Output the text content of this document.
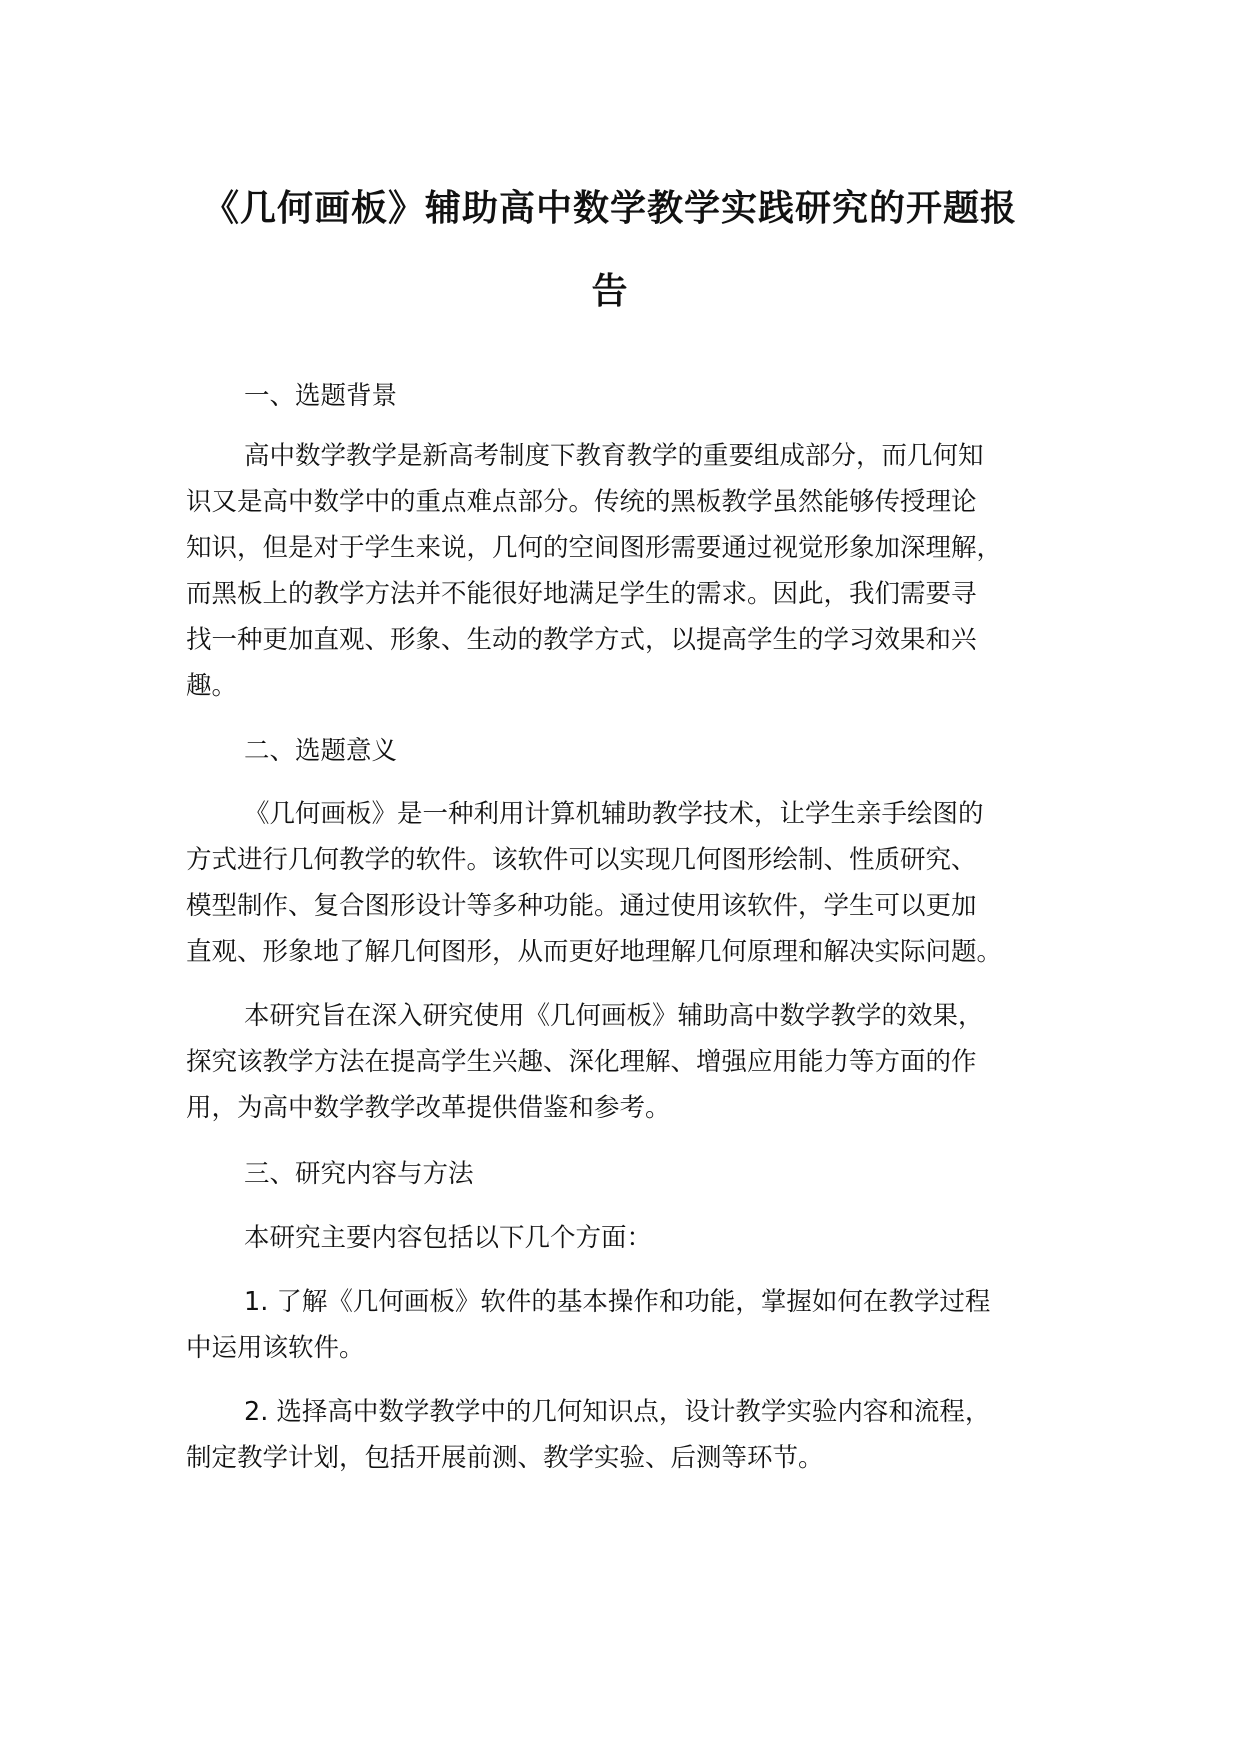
《几何画板》辅助高中数学教学实践研究的开题报
告

一、选题背景

高中数学教学是新高考制度下教育教学的重要组成部分，而几何知

识又是高中数学中的重点难点部分。传统的黑板教学虽然能够传授理论

知识，但是对于学生来说，几何的空间图形需要通过视觉形象加深理解，

而黑板上的教学方法并不能很好地满足学生的需求。因此，我们需要寻

找一种更加直观、形象、生动的教学方式，以提高学生的学习效果和兴

趣。

二、选题意义

《几何画板》是一种利用计算机辅助教学技术，让学生亲手绘图的

方式进行几何教学的软件。该软件可以实现几何图形绘制、性质研究、

模型制作、复合图形设计等多种功能。通过使用该软件，学生可以更加

直观、形象地了解几何图形，从而更好地理解几何原理和解决实际问题。

本研究旨在深入研究使用《几何画板》辅助高中数学教学的效果，

探究该教学方法在提高学生兴趣、深化理解、增强应用能力等方面的作

用，为高中数学教学改革提供借鉴和参考。

三、研究内容与方法

本研究主要内容包括以下几个方面：

1. 了解《几何画板》软件的基本操作和功能，掌握如何在教学过程

中运用该软件。

2. 选择高中数学教学中的几何知识点，设计教学实验内容和流程，

制定教学计划，包括开展前测、教学实验、后测等环节。
